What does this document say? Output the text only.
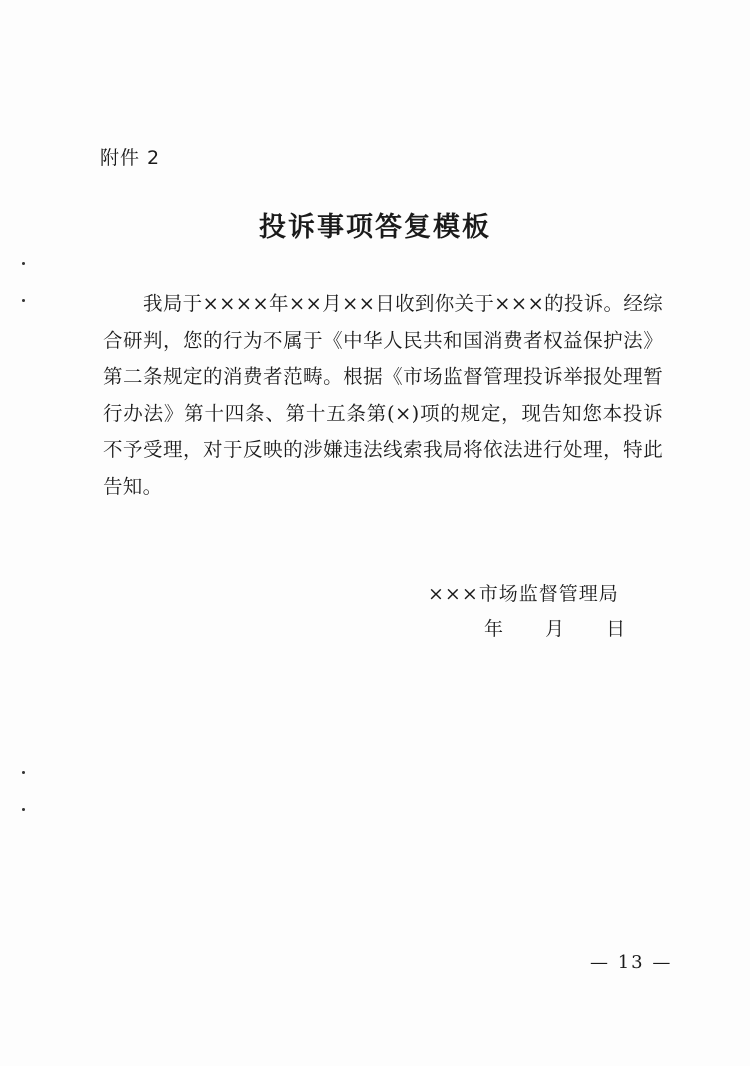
附件 2
投诉事项答复模板
我局于××××年××月××日收到你关于×××的投诉。经综合研判，您的行为不属于《中华人民共和国消费者权益保护法》第二条规定的消费者范畴。根据《市场监督管理投诉举报处理暂行办法》第十四条、第十五条第(×)项的规定，现告知您本投诉不予受理，对于反映的涉嫌违法线索我局将依法进行处理，特此告知。
×××市场监督管理局
年 月 日
— 13 —
